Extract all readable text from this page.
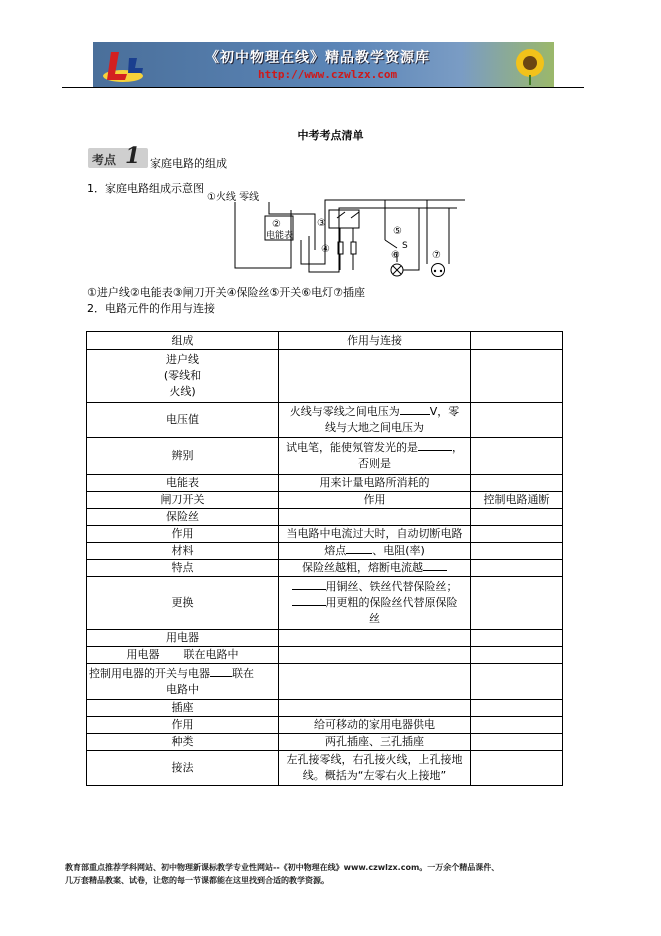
《初中物理在线》精品教学资源库
http://www.czwlzx.com
中考考点清单
考点 1 家庭电路的组成
1．家庭电路组成示意图
①火线 零线
②
电能表
③
④
⑤
S
⑥	⑦
①进户线②电能表③闸刀开关④保险丝⑤开关⑥电灯⑦插座
2．电路元件的作用与连接
组成	作用与连接	

进户线
(零线和
火线)		

电压值	火线与零线之间电压为 V，零
线与大地之间电压为	

辨别	试电笔，能使氖管发光的是 ，
否则是	

电能表	用来计量电路所消耗的	
闸刀开关	作用	控制电路通断
保险丝		
作用	当电路中电流过大时，自动切断电路	
材料	熔点 、电阻(率)	
特点	保险丝越粗，熔断电流越	
更换	用铜丝、铁丝代替保险丝；
用更粗的保险丝代替原保险
丝	

用电器		
用电器 联在电路中		

控制用电器的开关与电器 联在
电路中		

插座		
作用	给可移动的家用电器供电	
种类	两孔插座、三孔插座	
接法	左孔接零线，右孔接火线，上孔接地
线。概括为“左零右火上接地”	

教育部重点推荐学科网站、初中物理新课标教学专业性网站--《初中物理在线》www.czwlzx.com。一万余个精品课件、
几万套精品教案、试卷，让您的每一节课都能在这里找到合适的教学资源。
